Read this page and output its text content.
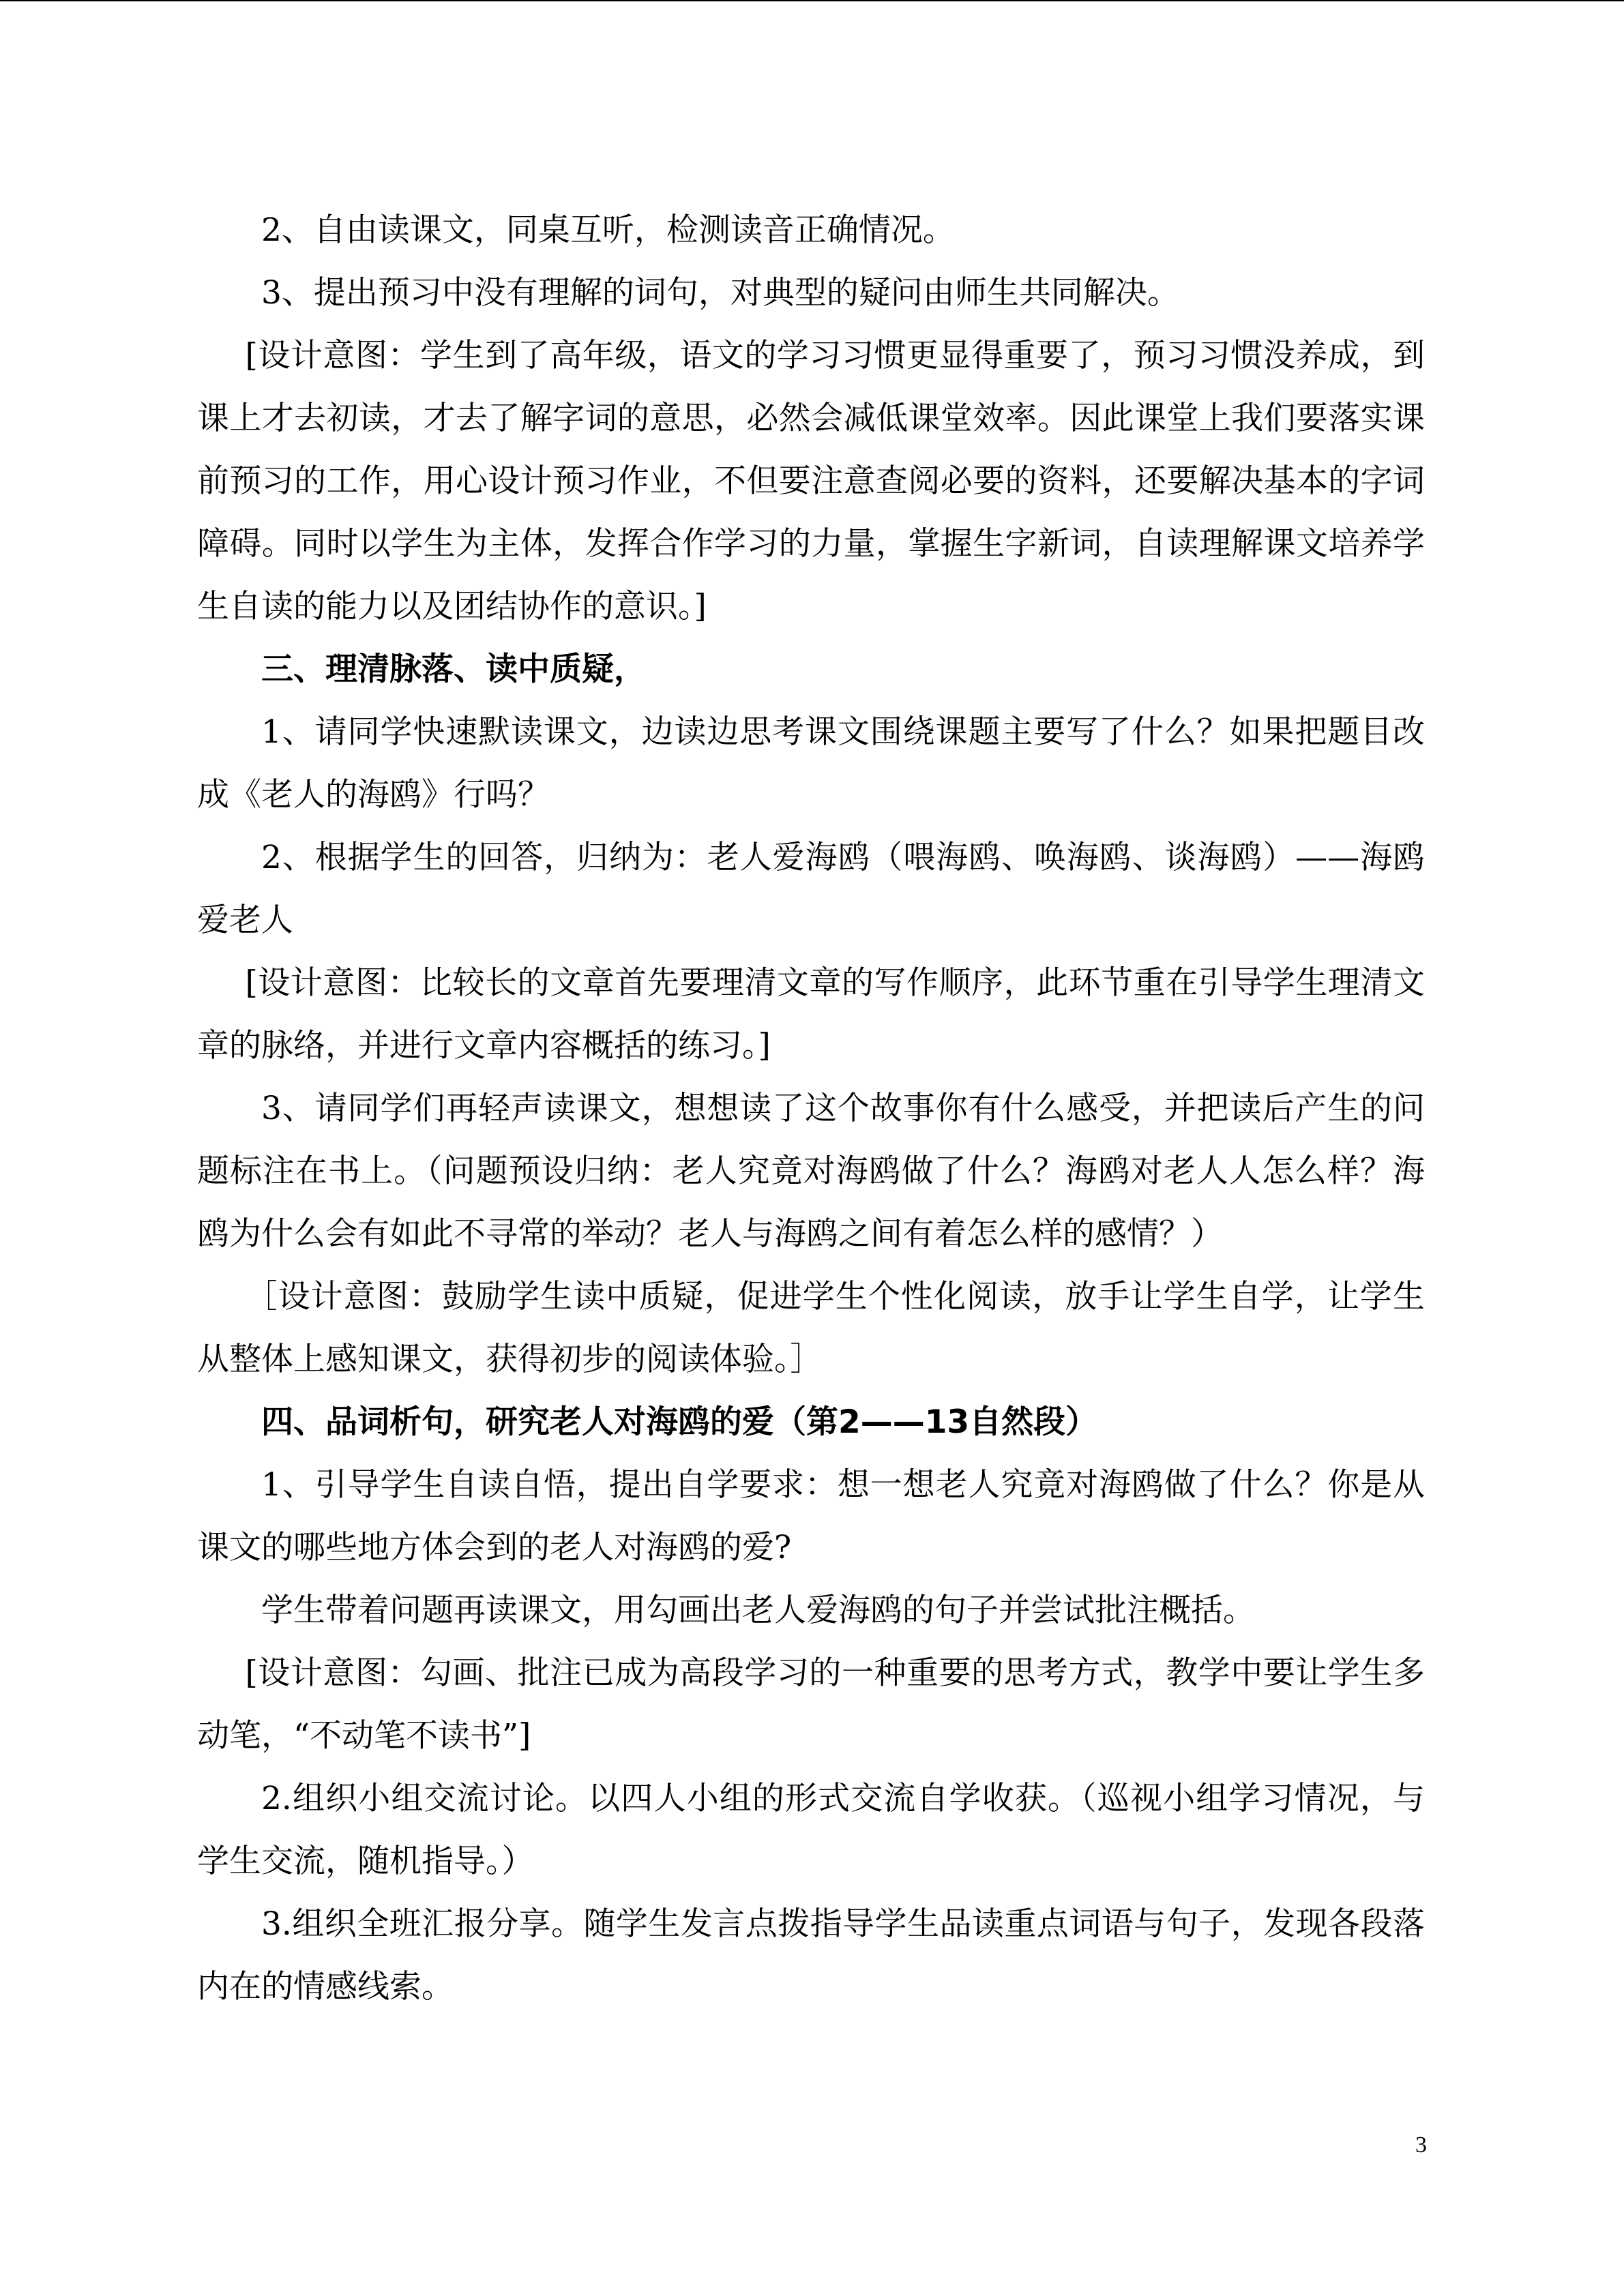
2、自由读课文，同桌互听，检测读音正确情况。

3、提出预习中没有理解的词句，对典型的疑问由师生共同解决。

[设计意图：学生到了高年级，语文的学习习惯更显得重要了，预习习惯没养成，到课上才去初读，才去了解字词的意思，必然会减低课堂效率。因此课堂上我们要落实课前预习的工作，用心设计预习作业，不但要注意查阅必要的资料，还要解决基本的字词障碍。同时以学生为主体，发挥合作学习的力量，掌握生字新词，自读理解课文培养学生自读的能力以及团结协作的意识。]

三、理清脉落、读中质疑，

1、请同学快速默读课文，边读边思考课文围绕课题主要写了什么？如果把题目改成《老人的海鸥》行吗？

2、根据学生的回答，归纳为：老人爱海鸥（喂海鸥、唤海鸥、谈海鸥）——海鸥爱老人

[设计意图：比较长的文章首先要理清文章的写作顺序，此环节重在引导学生理清文章的脉络，并进行文章内容概括的练习。]

3、请同学们再轻声读课文，想想读了这个故事你有什么感受，并把读后产生的问题标注在书上。（问题预设归纳：老人究竟对海鸥做了什么？海鸥对老人人怎么样？海鸥为什么会有如此不寻常的举动？老人与海鸥之间有着怎么样的感情？）

［设计意图：鼓励学生读中质疑，促进学生个性化阅读，放手让学生自学，让学生从整体上感知课文，获得初步的阅读体验。］

四、品词析句，研究老人对海鸥的爱（第2——13自然段）

1、引导学生自读自悟，提出自学要求：想一想老人究竟对海鸥做了什么？你是从课文的哪些地方体会到的老人对海鸥的爱?

学生带着问题再读课文，用勾画出老人爱海鸥的句子并尝试批注概括。

[设计意图：勾画、批注已成为高段学习的一种重要的思考方式，教学中要让学生多动笔，“不动笔不读书”]

2.组织小组交流讨论。以四人小组的形式交流自学收获。（巡视小组学习情况，与学生交流，随机指导。）

3.组织全班汇报分享。随学生发言点拨指导学生品读重点词语与句子，发现各段落内在的情感线索。

3
